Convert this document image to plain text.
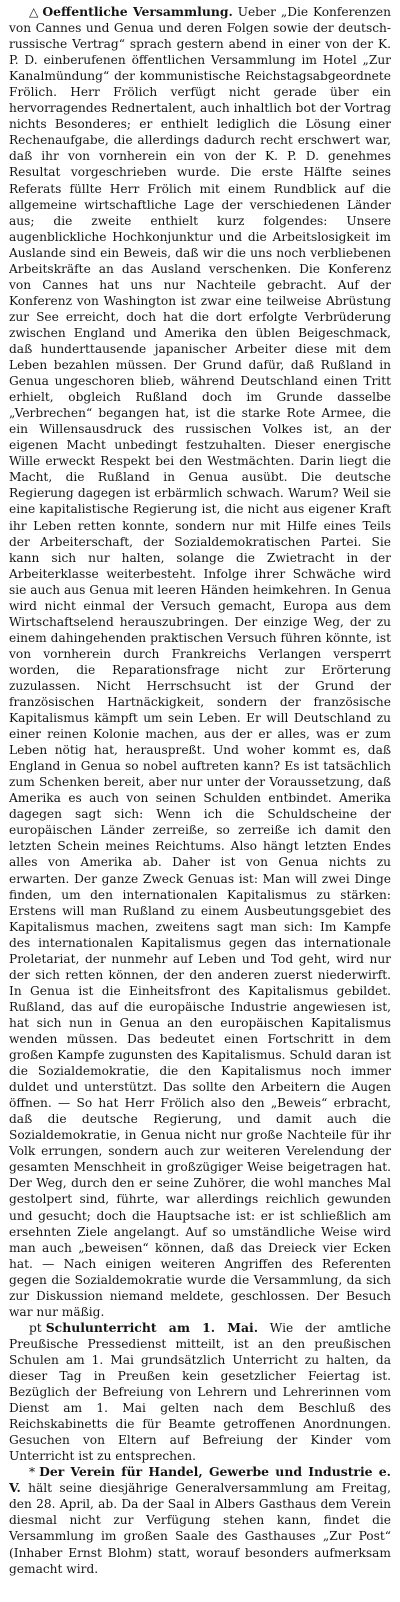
△ Oeffentliche Versammlung. Ueber „Die Konferenzen von Cannes und Genua und deren Folgen sowie der deutsch-russische Vertrag“ sprach gestern abend in einer von der K. P. D. einberufenen öffentlichen Versammlung im Hotel „Zur Kanalmündung“ der kommunistische Reichstagsabgeordnete Frölich. Herr Frölich verfügt nicht gerade über ein hervorragendes Rednertalent, auch inhaltlich bot der Vortrag nichts Besonderes; er enthielt lediglich die Lösung einer Rechenaufgabe, die allerdings dadurch recht erschwert war, daß ihr von vornherein ein von der K. P. D. genehmes Resultat vorgeschrieben wurde. Die erste Hälfte seines Referats füllte Herr Frölich mit einem Rundblick auf die allgemeine wirtschaftliche Lage der verschiedenen Länder aus; die zweite enthielt kurz folgendes: Unsere augenblickliche Hochkonjunktur und die Arbeitslosigkeit im Auslande sind ein Beweis, daß wir die uns noch verbliebenen Arbeitskräfte an das Ausland verschenken. Die Konferenz von Cannes hat uns nur Nachteile gebracht. Auf der Konferenz von Washington ist zwar eine teilweise Abrüstung zur See erreicht, doch hat die dort erfolgte Verbrüderung zwischen England und Amerika den üblen Beigeschmack, daß hunderttausende japanischer Arbeiter diese mit dem Leben bezahlen müssen. Der Grund dafür, daß Rußland in Genua ungeschoren blieb, während Deutschland einen Tritt erhielt, obgleich Rußland doch im Grunde dasselbe „Verbrechen“ begangen hat, ist die starke Rote Armee, die ein Willensausdruck des russischen Volkes ist, an der eigenen Macht unbedingt festzuhalten. Dieser energische Wille erweckt Respekt bei den Westmächten. Darin liegt die Macht, die Rußland in Genua ausübt. Die deutsche Regierung dagegen ist erbärmlich schwach. Warum? Weil sie eine kapitalistische Regierung ist, die nicht aus eigener Kraft ihr Leben retten konnte, sondern nur mit Hilfe eines Teils der Arbeiterschaft, der Sozialdemokratischen Partei. Sie kann sich nur halten, solange die Zwietracht in der Arbeiterklasse weiterbesteht. Infolge ihrer Schwäche wird sie auch aus Genua mit leeren Händen heimkehren. In Genua wird nicht einmal der Versuch gemacht, Europa aus dem Wirtschaftselend herauszubringen. Der einzige Weg, der zu einem dahingehenden praktischen Versuch führen könnte, ist von vornherein durch Frankreichs Verlangen versperrt worden, die Reparationsfrage nicht zur Erörterung zuzulassen. Nicht Herrschsucht ist der Grund der französischen Hartnäckigkeit, sondern der französische Kapitalismus kämpft um sein Leben. Er will Deutschland zu einer reinen Kolonie machen, aus der er alles, was er zum Leben nötig hat, herauspreßt. Und woher kommt es, daß England in Genua so nobel auftreten kann? Es ist tatsächlich zum Schenken bereit, aber nur unter der Voraussetzung, daß Amerika es auch von seinen Schulden entbindet. Amerika dagegen sagt sich: Wenn ich die Schuldscheine der europäischen Länder zerreiße, so zerreiße ich damit den letzten Schein meines Reichtums. Also hängt letzten Endes alles von Amerika ab. Daher ist von Genua nichts zu erwarten. Der ganze Zweck Genuas ist: Man will zwei Dinge finden, um den internationalen Kapitalismus zu stärken: Erstens will man Rußland zu einem Ausbeutungsgebiet des Kapitalismus machen, zweitens sagt man sich: Im Kampfe des internationalen Kapitalismus gegen das internationale Proletariat, der nunmehr auf Leben und Tod geht, wird nur der sich retten können, der den anderen zuerst niederwirft. In Genua ist die Einheitsfront des Kapitalismus gebildet. Rußland, das auf die europäische Industrie angewiesen ist, hat sich nun in Genua an den europäischen Kapitalismus wenden müssen. Das bedeutet einen Fortschritt in dem großen Kampfe zugunsten des Kapitalismus. Schuld daran ist die Sozialdemokratie, die den Kapitalismus noch immer duldet und unterstützt. Das sollte den Arbeitern die Augen öffnen. — So hat Herr Frölich also den „Beweis“ erbracht, daß die deutsche Regierung, und damit auch die Sozialdemokratie, in Genua nicht nur große Nachteile für ihr Volk errungen, sondern auch zur weiteren Verelendung der gesamten Menschheit in großzügiger Weise beigetragen hat. Der Weg, durch den er seine Zuhörer, die wohl manches Mal gestolpert sind, führte, war allerdings reichlich gewunden und gesucht; doch die Hauptsache ist: er ist schließlich am ersehnten Ziele angelangt. Auf so umständliche Weise wird man auch „beweisen“ können, daß das Dreieck vier Ecken hat. — Nach einigen weiteren Angriffen des Referenten gegen die Sozialdemokratie wurde die Versammlung, da sich zur Diskussion niemand meldete, geschlossen. Der Besuch war nur mäßig.

pt Schulunterricht am 1. Mai. Wie der amtliche Preußische Pressedienst mitteilt, ist an den preußischen Schulen am 1. Mai grundsätzlich Unterricht zu halten, da dieser Tag in Preußen kein gesetzlicher Feiertag ist. Bezüglich der Befreiung von Lehrern und Lehrerinnen vom Dienst am 1. Mai gelten nach dem Beschluß des Reichskabinetts die für Beamte getroffenen Anordnungen. Gesuchen von Eltern auf Befreiung der Kinder vom Unterricht ist zu entsprechen.

* Der Verein für Handel, Gewerbe und Industrie e. V. hält seine diesjährige Generalversammlung am Freitag, den 28. April, ab. Da der Saal in Albers Gasthaus dem Verein diesmal nicht zur Verfügung stehen kann, findet die Versammlung im großen Saale des Gasthauses „Zur Post“ (Inhaber Ernst Blohm) statt, worauf besonders aufmerksam gemacht wird.
